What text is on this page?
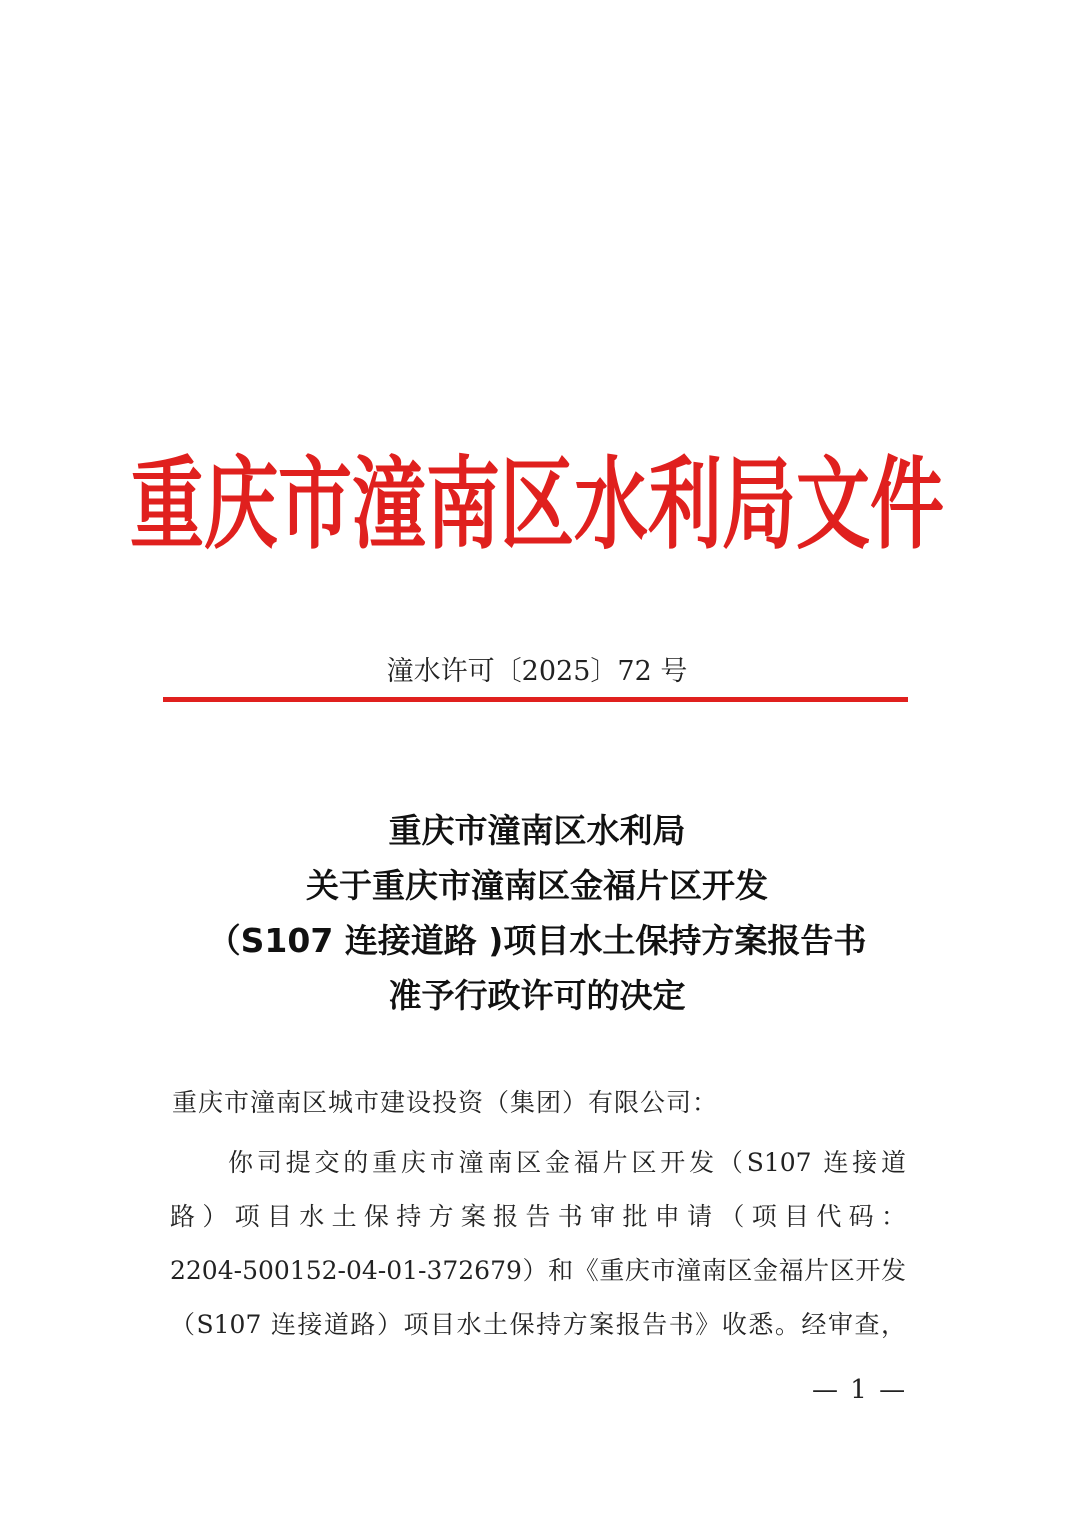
重庆市潼南区水利局文件
潼水许可〔2025〕72 号
重庆市潼南区水利局
关于重庆市潼南区金福片区开发
（S107 连接道路 )项目水土保持方案报告书
准予行政许可的决定
重庆市潼南区城市建设投资（集团）有限公司：
你司提交的重庆市潼南区金福片区开发（S107 连接道
路）项目水土保持方案报告书审批申请（项目代码：
2204-500152-04-01-372679）和《重庆市潼南区金福片区开发
（S107 连接道路）项目水土保持方案报告书》收悉。经审查，
— 1 —
